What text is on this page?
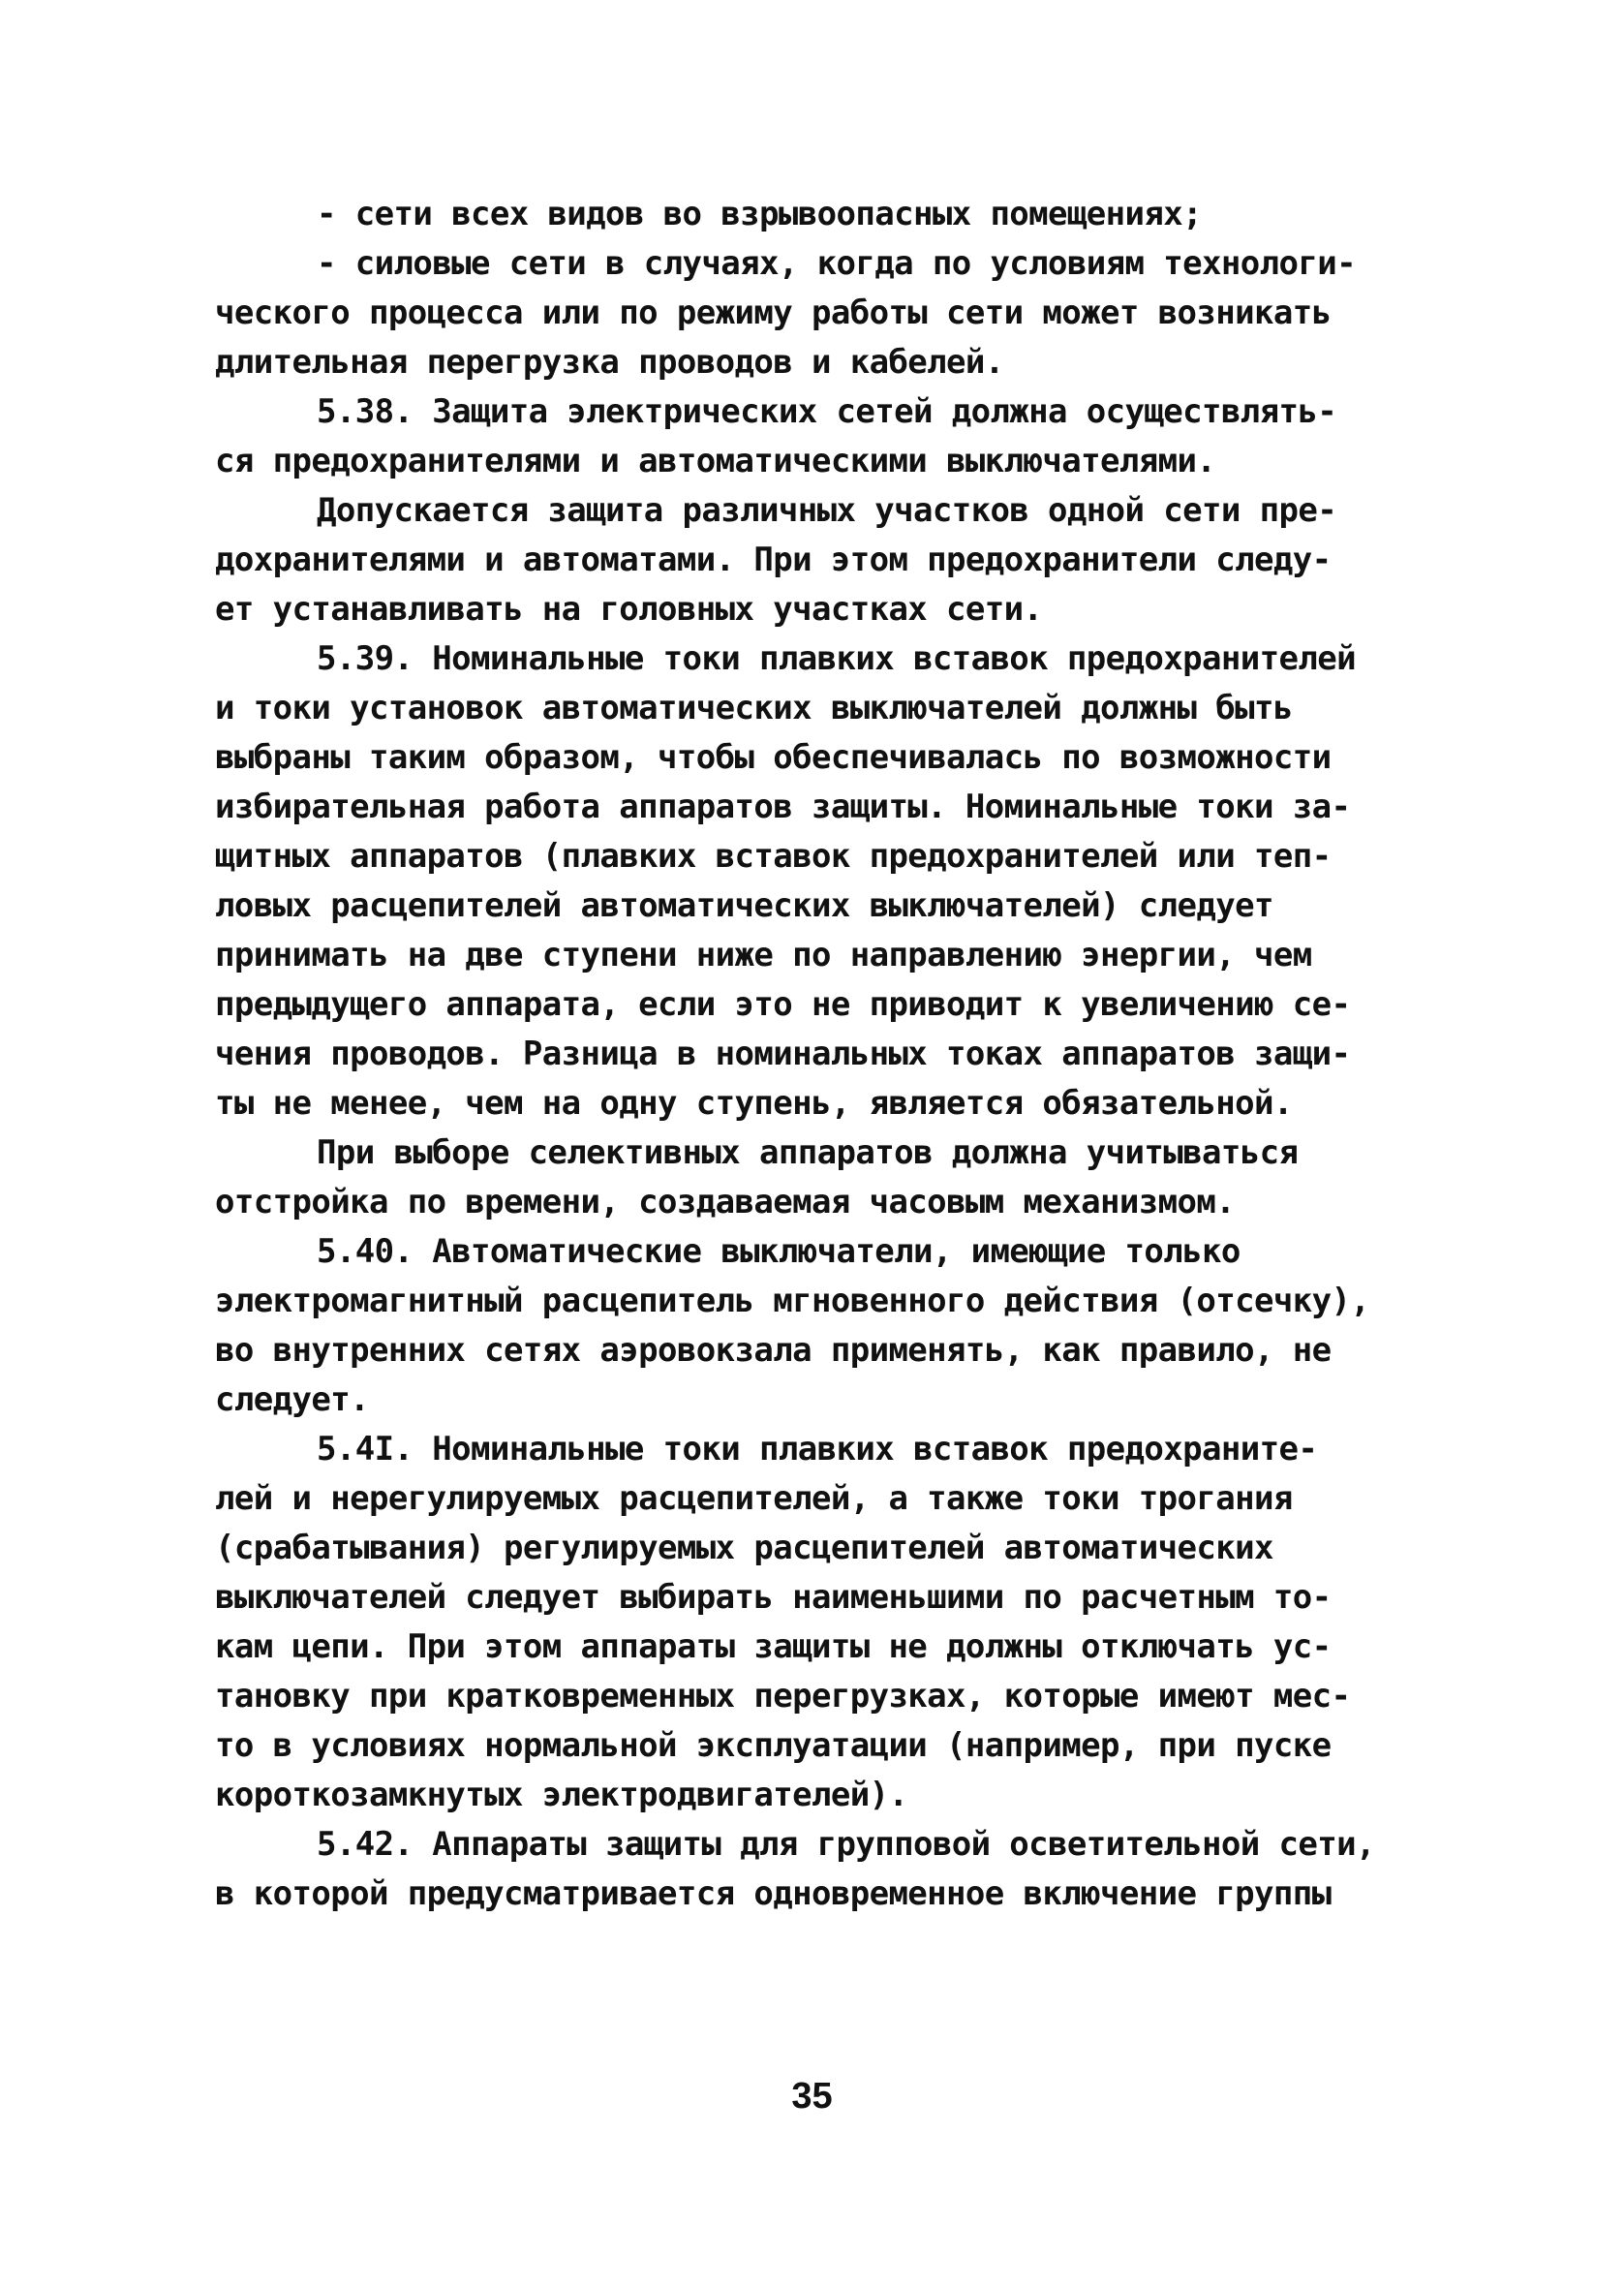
- сети всех видов во взрывоопасных помещениях;
- силовые сети в случаях, когда по условиям технологи-
ческого процесса или по режиму работы сети может возникать
длительная перегрузка проводов и кабелей.
5.38. Защита электрических сетей должна осуществлять-
ся предохранителями и автоматическими выключателями.
Допускается защита различных участков одной сети пре-
дохранителями и автоматами. При этом предохранители следу-
ет устанавливать на головных участках сети.
5.39. Номинальные токи плавких вставок предохранителей
и токи установок автоматических выключателей должны быть
выбраны таким образом, чтобы обеспечивалась по возможности
избирательная работа аппаратов защиты. Номинальные токи за-
щитных аппаратов (плавких вставок предохранителей или теп-
ловых расцепителей автоматических выключателей) следует
принимать на две ступени ниже по направлению энергии, чем
предыдущего аппарата, если это не приводит к увеличению се-
чения проводов. Разница в номинальных токах аппаратов защи-
ты не менее, чем на одну ступень, является обязательной.
При выборе селективных аппаратов должна учитываться
отстройка по времени, создаваемая часовым механизмом.
5.40. Автоматические выключатели, имеющие только
электромагнитный расцепитель мгновенного действия (отсечку),
во внутренних сетях аэровокзала применять, как правило, не
следует.
5.4I. Номинальные токи плавких вставок предохраните-
лей и нерегулируемых расцепителей, а также токи трогания
(срабатывания) регулируемых расцепителей автоматических
выключателей следует выбирать наименьшими по расчетным то-
кам цепи. При этом аппараты защиты не должны отключать ус-
тановку при кратковременных перегрузках, которые имеют мес-
то в условиях нормальной эксплуатации (например, при пуске
короткозамкнутых электродвигателей).
5.42. Аппараты защиты для групповой осветительной сети,
в которой предусматривается одновременное включение группы
35
